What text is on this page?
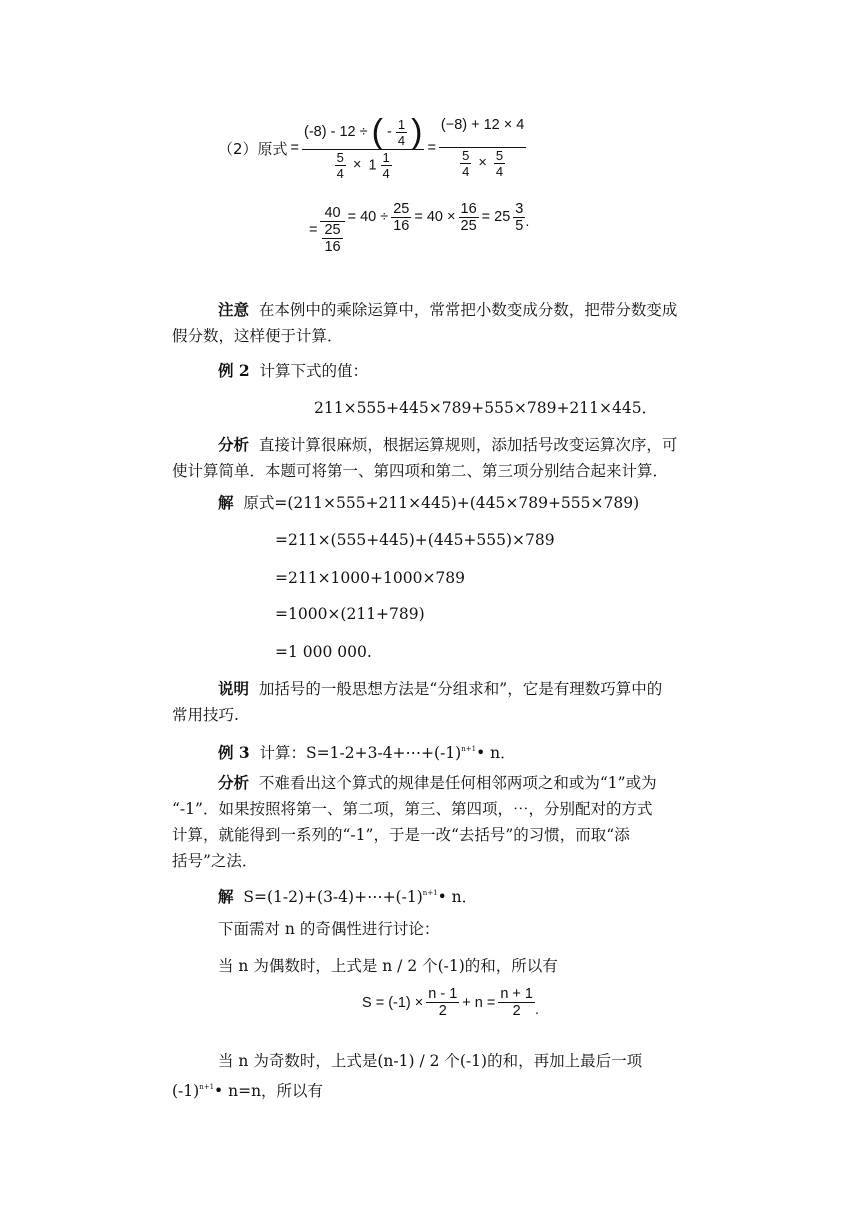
（2）原式 =
(-8) - 12 ÷ ( - $\frac{1}{4}$ )
$\frac{5}{4} \times 1 \frac{1}{4}$
=
(−8) + 12 × 4
$\frac{5}{4} \times \frac{5}{4}$
= $\frac{40}{\frac{25}{16}} = 40 \div \frac{25}{16} = 40 \times \frac{16}{25} = 25 \frac{3}{5}$ .
注意 在本例中的乘除运算中，常常把小数变成分数，把带分数变成
假分数，这样便于计算．
例 2 计算下式的值：
211×555+445×789+555×789+211×445．
分析 直接计算很麻烦，根据运算规则，添加括号改变运算次序，可
使计算简单．本题可将第一、第四项和第二、第三项分别结合起来计算．
解 原式=(211×555+211×445)+(445×789+555×789)
=211×(555+445)+(445+555)×789
=211×1000+1000×789
=1000×(211+789)
=1 000 000.
说明 加括号的一般思想方法是“分组求和”，它是有理数巧算中的
常用技巧.
例 3 计算：$S=1-2+3-4+\cdots+(-1)^{n+1}•$ n．
分析 不难看出这个算式的规律是任何相邻两项之和或为“1”或为
“-1”．如果按照将第一、第二项，第三、第四项，⋯，分别配对的方式
计算，就能得到一系列的“-1”，于是一改“去括号”的习惯，而取“添
括号”之法．
解 $S=(1-2)+(3-4)+\cdots+(-1)^{n+1}•$ n．
下面需对 n 的奇偶性进行讨论：
当 n 为偶数时，上式是 n / 2 个(-1)的和，所以有
$S = (-1) \times \frac{n - 1}{2} + n = \frac{n + 1}{2}$ .
当 n 为奇数时，上式是(n-1) / 2 个(-1)的和，再加上最后一项
$(-1)^{n+1}•$ n=n，所以有
